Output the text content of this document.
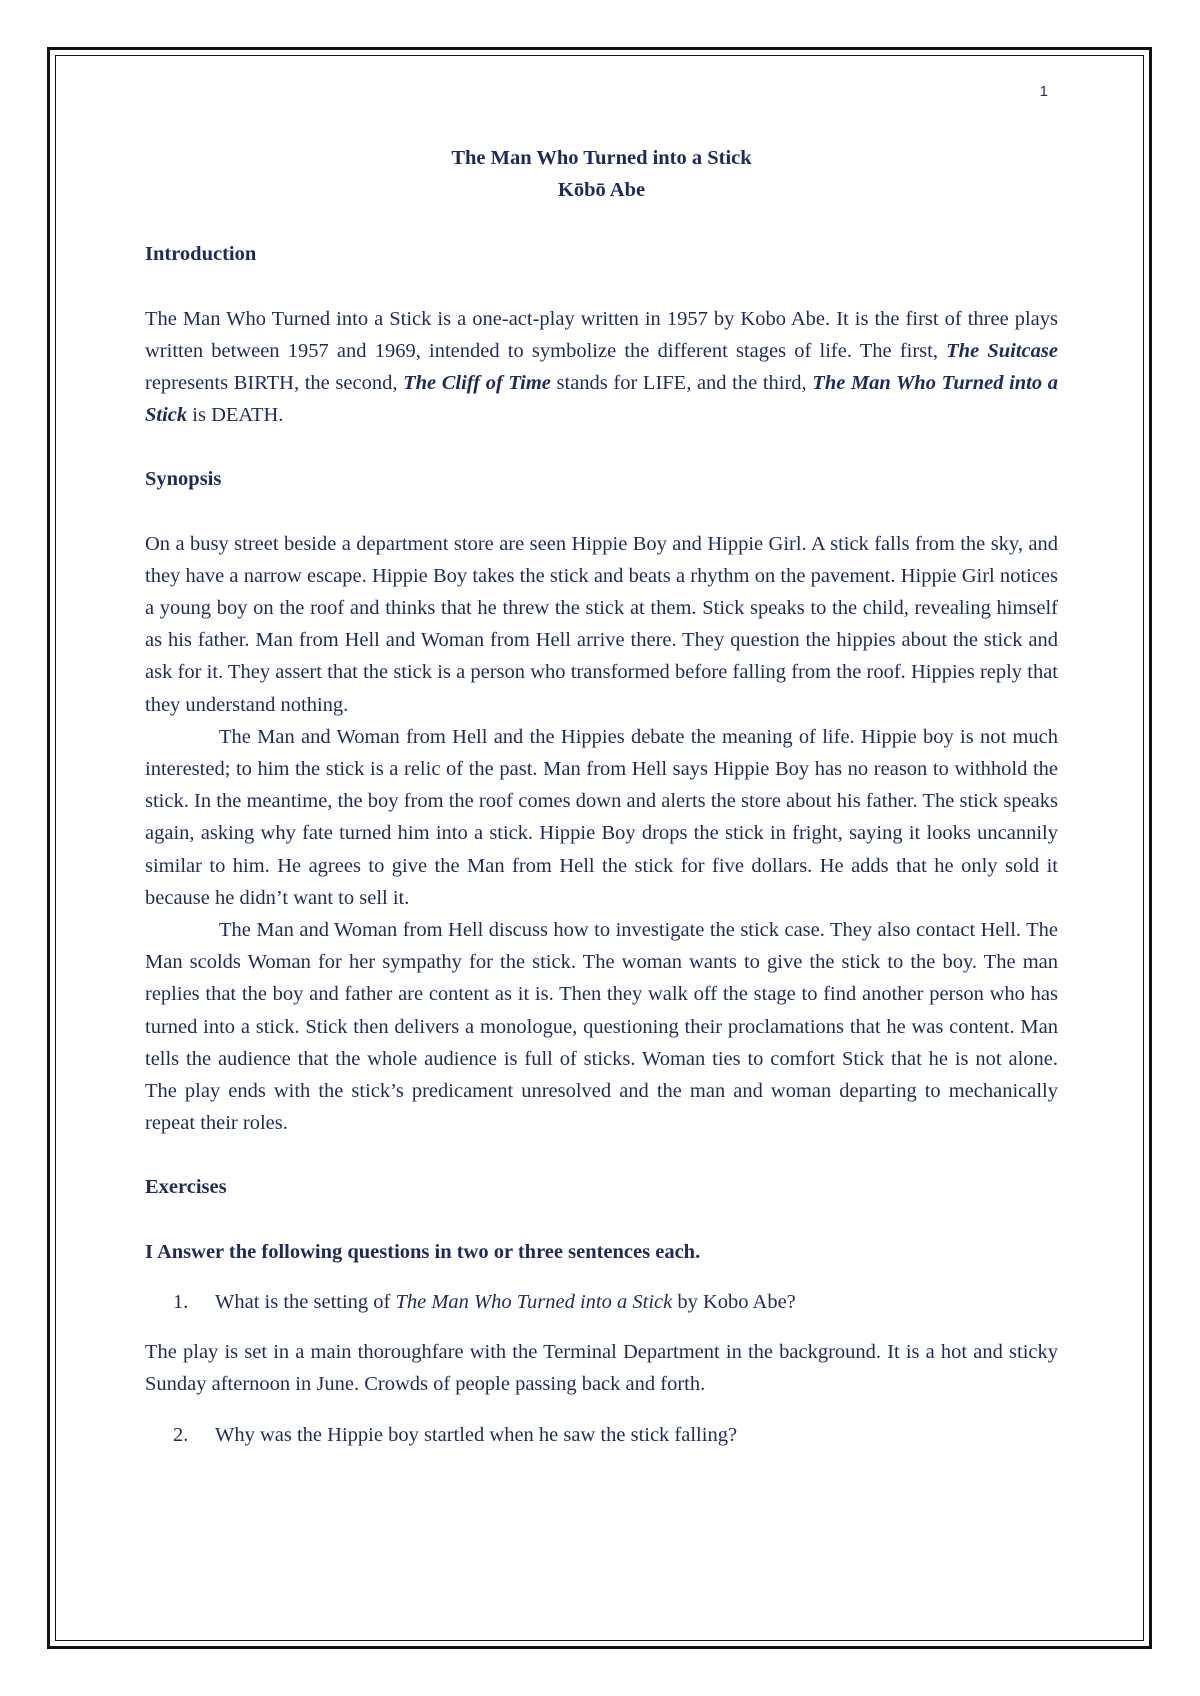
1
The Man Who Turned into a Stick
Kōbō Abe
Introduction

The Man Who Turned into a Stick is a one-act-play written in 1957 by Kobo Abe. It is the first of three plays written between 1957 and 1969, intended to symbolize the different stages of life. The first, The Suitcase represents BIRTH, the second, The Cliff of Time stands for LIFE, and the third, The Man Who Turned into a Stick is DEATH.

Synopsis

On a busy street beside a department store are seen Hippie Boy and Hippie Girl. A stick falls from the sky, and they have a narrow escape. Hippie Boy takes the stick and beats a rhythm on the pavement. Hippie Girl notices a young boy on the roof and thinks that he threw the stick at them. Stick speaks to the child, revealing himself as his father. Man from Hell and Woman from Hell arrive there. They question the hippies about the stick and ask for it. They assert that the stick is a person who transformed before falling from the roof. Hippies reply that they understand nothing.

The Man and Woman from Hell and the Hippies debate the meaning of life. Hippie boy is not much interested; to him the stick is a relic of the past. Man from Hell says Hippie Boy has no reason to withhold the stick. In the meantime, the boy from the roof comes down and alerts the store about his father. The stick speaks again, asking why fate turned him into a stick. Hippie Boy drops the stick in fright, saying it looks uncannily similar to him. He agrees to give the Man from Hell the stick for five dollars. He adds that he only sold it because he didn’t want to sell it.

The Man and Woman from Hell discuss how to investigate the stick case. They also contact Hell. The Man scolds Woman for her sympathy for the stick. The woman wants to give the stick to the boy. The man replies that the boy and father are content as it is. Then they walk off the stage to find another person who has turned into a stick. Stick then delivers a monologue, questioning their proclamations that he was content. Man tells the audience that the whole audience is full of sticks. Woman ties to comfort Stick that he is not alone. The play ends with the stick’s predicament unresolved and the man and woman departing to mechanically repeat their roles.

Exercises

I Answer the following questions in two or three sentences each.

1.	What is the setting of The Man Who Turned into a Stick by Kobo Abe?

The play is set in a main thoroughfare with the Terminal Department in the background. It is a hot and sticky Sunday afternoon in June. Crowds of people passing back and forth.

2.	Why was the Hippie boy startled when he saw the stick falling?
